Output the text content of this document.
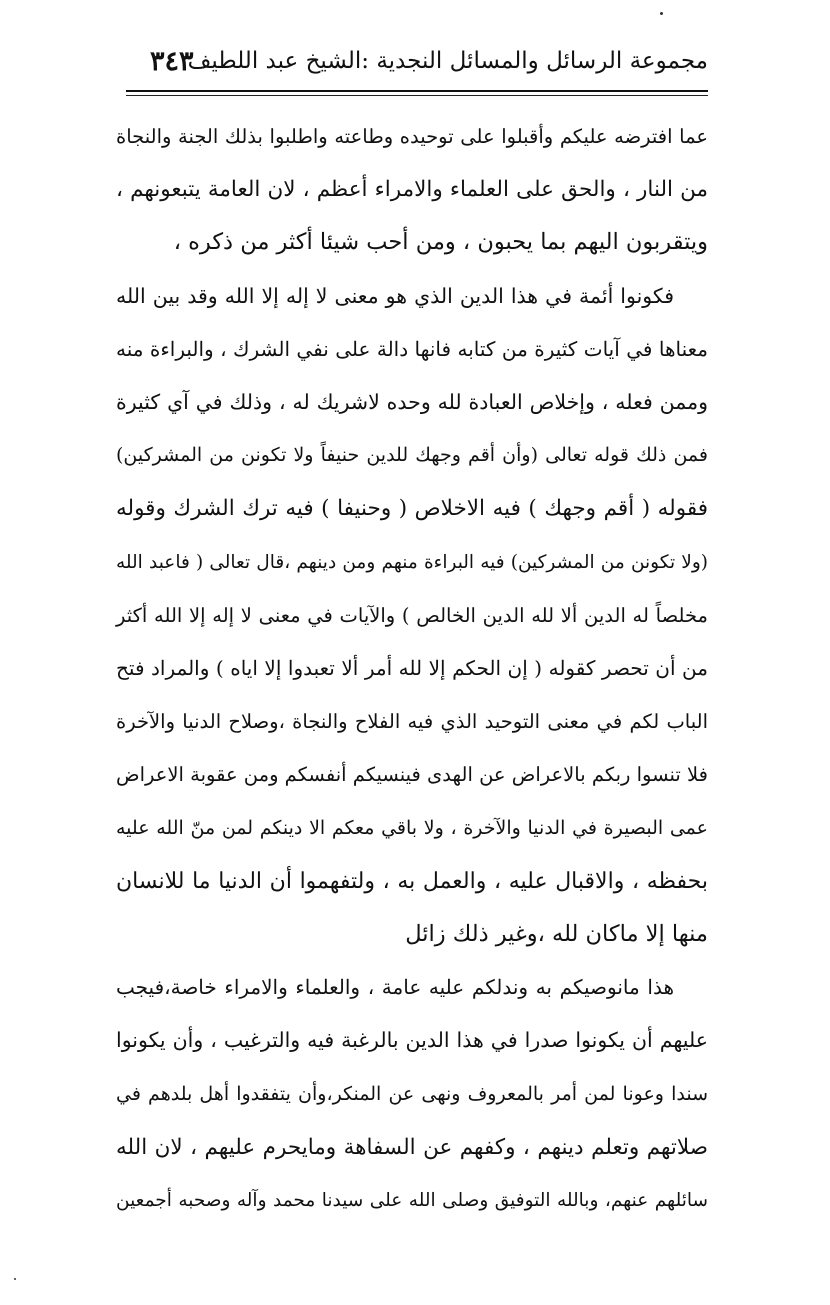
مجموعة الرسائل والمسائل النجدية :الشيخ عبد اللطيف
٣٤٣

عما افترضه عليكم وأقبلوا على توحيده وطاعته واطلبوا بذلك الجنة والنجاة
من النار ، والحق على العلماء والامراء أعظم ، لان العامة يتبعونهم ،
ويتقربون اليهم بما يحبون ، ومن أحب شيئا أكثر من ذكره ،

فكونوا أئمة في هذا الدين الذي هو معنى لا إله إلا الله وقد بين الله
معناها في آيات كثيرة من كتابه فانها دالة على نفي الشرك ، والبراءة منه
وممن فعله ، وإخلاص العبادة لله وحده لاشريك له ، وذلك في آي كثيرة
فمن ذلك قوله تعالى (وأن أقم وجهك للدين حنيفاً ولا تكونن من المشركين)
فقوله ( أقم وجهك ) فيه الاخلاص ( وحنيفا ) فيه ترك الشرك وقوله
(ولا تكونن من المشركين) فيه البراءة منهم ومن دينهم ،قال تعالى ( فاعبد الله
مخلصاً له الدين ألا لله الدين الخالص ) والآيات في معنى لا إله إلا الله أكثر
من أن تحصر كقوله ( إن الحكم إلا لله أمر ألا تعبدوا إلا اياه ) والمراد فتح
الباب لكم في معنى التوحيد الذي فيه الفلاح والنجاة ،وصلاح الدنيا والآخرة
فلا تنسوا ربكم بالاعراض عن الهدى فينسيكم أنفسكم ومن عقوبة الاعراض
عمى البصيرة في الدنيا والآخرة ، ولا باقي معكم الا دينكم لمن منّ الله عليه
بحفظه ، والاقبال عليه ، والعمل به ، ولتفهموا أن الدنيا ما للانسان
منها إلا ماكان لله ،وغير ذلك زائل

هذا مانوصيكم به وندلكم عليه عامة ، والعلماء والامراء خاصة،فيجب
عليهم أن يكونوا صدرا في هذا الدين بالرغبة فيه والترغيب ، وأن يكونوا
سندا وعونا لمن أمر بالمعروف ونهى عن المنكر،وأن يتفقدوا أهل بلدهم في
صلاتهم وتعلم دينهم ، وكفهم عن السفاهة ومايحرم عليهم ، لان الله
سائلهم عنهم، وبالله التوفيق وصلى الله على سيدنا محمد وآله وصحبه أجمعين
